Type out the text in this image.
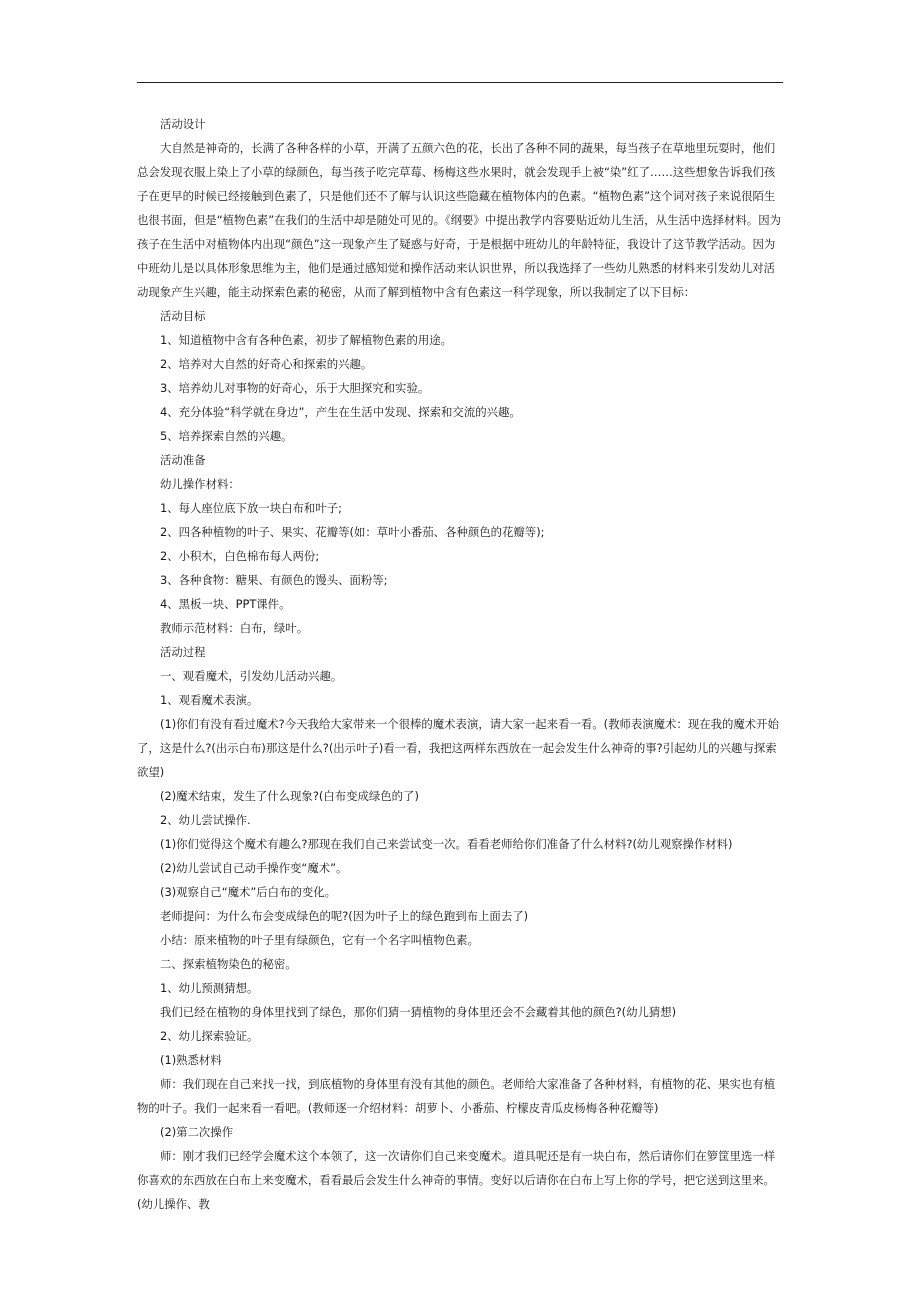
活动设计

大自然是神奇的，长满了各种各样的小草，开满了五颜六色的花，长出了各种不同的蔬果，每当孩子在草地里玩耍时，他们总会发现衣服上染上了小草的绿颜色，每当孩子吃完草莓、杨梅这些水果时，就会发现手上被“染”红了……这些想象告诉我们孩子在更早的时候已经接触到色素了，只是他们还不了解与认识这些隐藏在植物体内的色素。“植物色素”这个词对孩子来说很陌生也很书面，但是“植物色素”在我们的生活中却是随处可见的。《纲要》中提出教学内容要贴近幼儿生活，从生活中选择材料。因为孩子在生活中对植物体内出现“颜色”这一现象产生了疑惑与好奇，于是根据中班幼儿的年龄特征，我设计了这节教学活动。因为中班幼儿是以具体形象思维为主，他们是通过感知觉和操作活动来认识世界，所以我选择了一些幼儿熟悉的材料来引发幼儿对活动现象产生兴趣，能主动探索色素的秘密，从而了解到植物中含有色素这一科学现象，所以我制定了以下目标：

活动目标

1、知道植物中含有各种色素，初步了解植物色素的用途。

2、培养对大自然的好奇心和探索的兴趣。

3、培养幼儿对事物的好奇心，乐于大胆探究和实验。

4、充分体验“科学就在身边”，产生在生活中发现、探索和交流的兴趣。

5、培养探索自然的兴趣。

活动准备

幼儿操作材料：

1、每人座位底下放一块白布和叶子;

2、四各种植物的叶子、果实、花瓣等(如：草叶小番茄、各种颜色的花瓣等);

2、小积木，白色棉布每人两份;

3、各种食物：糖果、有颜色的馒头、面粉等;

4、黑板一块、PPT课件。

教师示范材料：白布，绿叶。

活动过程

一、观看魔术，引发幼儿活动兴趣。

1、观看魔术表演。

(1)你们有没有看过魔术?今天我给大家带来一个很棒的魔术表演，请大家一起来看一看。(教师表演魔术：现在我的魔术开始了，这是什么?(出示白布)那这是什么?(出示叶子)看一看，我把这两样东西放在一起会发生什么神奇的事?引起幼儿的兴趣与探索欲望)

(2)魔术结束，发生了什么现象?(白布变成绿色的了)

2、幼儿尝试操作.

(1)你们觉得这个魔术有趣么?那现在我们自己来尝试变一次。看看老师给你们准备了什么材料?(幼儿观察操作材料)

(2)幼儿尝试自己动手操作变“魔术”。

(3)观察自己“魔术”后白布的变化。

老师提问：为什么布会变成绿色的呢?(因为叶子上的绿色跑到布上面去了)

小结：原来植物的叶子里有绿颜色，它有一个名字叫植物色素。

二、探索植物染色的秘密。

1、幼儿预测猜想。

我们已经在植物的身体里找到了绿色，那你们猜一猜植物的身体里还会不会藏着其他的颜色?(幼儿猜想)

2、幼儿探索验证。

(1)熟悉材料

师：我们现在自己来找一找，到底植物的身体里有没有其他的颜色。老师给大家准备了各种材料，有植物的花、果实也有植物的叶子。我们一起来看一看吧。(教师逐一介绍材料：胡萝卜、小番茄、柠檬皮青瓜皮杨梅各种花瓣等)

(2)第二次操作

师：刚才我们已经学会魔术这个本领了，这一次请你们自己来变魔术。道具呢还是有一块白布，然后请你们在箩筐里选一样你喜欢的东西放在白布上来变魔术，看看最后会发生什么神奇的事情。变好以后请你在白布上写上你的学号，把它送到这里来。(幼儿操作、教
